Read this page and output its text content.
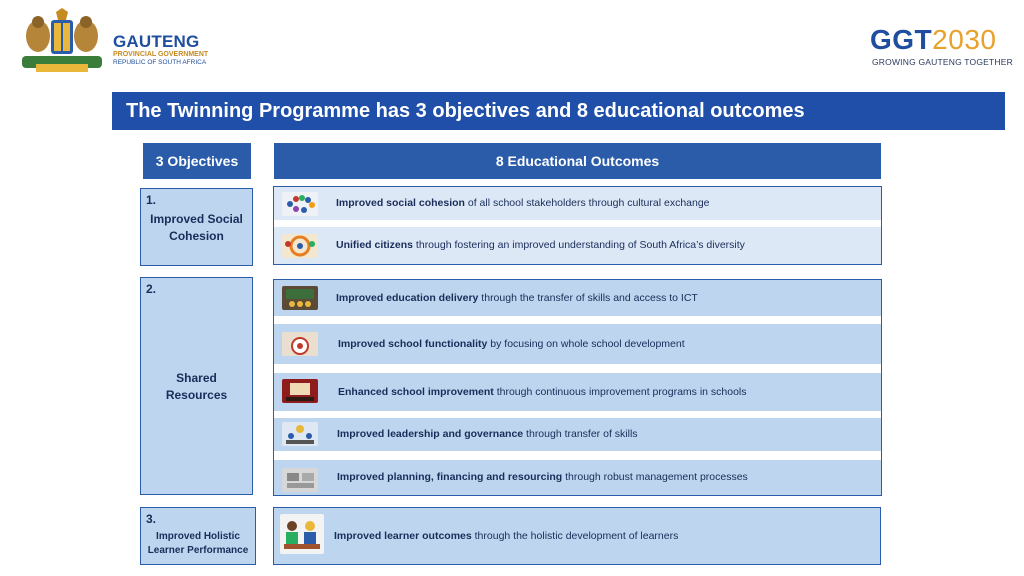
GAUTENG
PROVINCIAL GOVERNMENT
REPUBLIC OF SOUTH AFRICA
GGT2030
GROWING GAUTENG TOGETHER
The Twinning Programme has 3 objectives and 8 educational outcomes
3 Objectives	8 Educational Outcomes
1.
Improved Social Cohesion
2.
Shared Resources
3.
Improved Holistic Learner Performance
Improved social cohesion of all school stakeholders through cultural exchange
Unified citizens through fostering an improved understanding of South Africa’s diversity
Improved education delivery through the transfer of skills and access to ICT
Improved school functionality by focusing on whole school development
Enhanced school improvement through continuous improvement programs in schools
Improved leadership and governance through transfer of skills
Improved planning, financing and resourcing through robust management processes
Improved learner outcomes through the holistic development of learners
